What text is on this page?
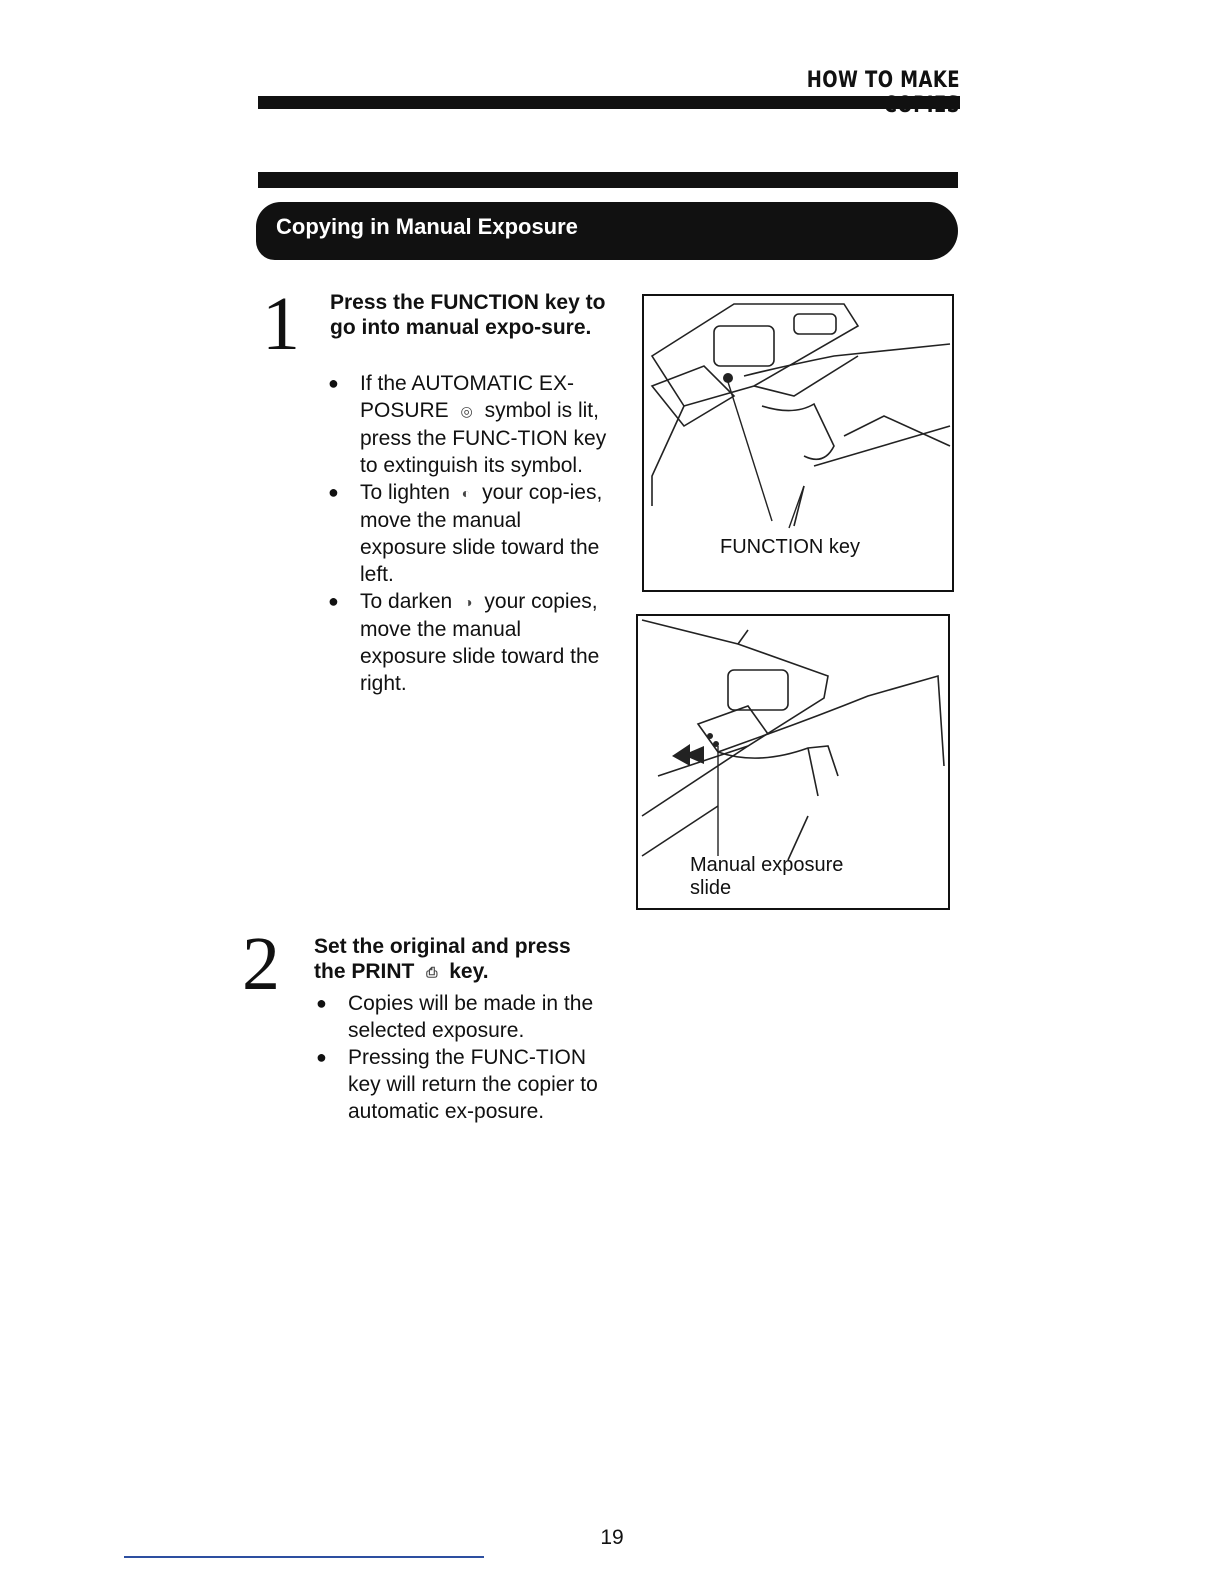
HOW TO MAKE
Copying in Manual Exposure
1 Press the FUNCTION key to go into manual expo-sure.
● If the AUTOMATIC EX-POSURE ◎ symbol is lit, press the FUNC-TION key to extinguish its symbol.
● To lighten ◐ your cop-ies, move the manual exposure slide toward the left.
● To darken ◑ your copies, move the manual exposure slide toward the right.
FUNCTION key
Manual exposure
slide
2 Set the original and press the PRINT ⎙ key.
● Copies will be made in the selected exposure.
● Pressing the FUNC-TION key will return the copier to automatic ex-posure.
19
